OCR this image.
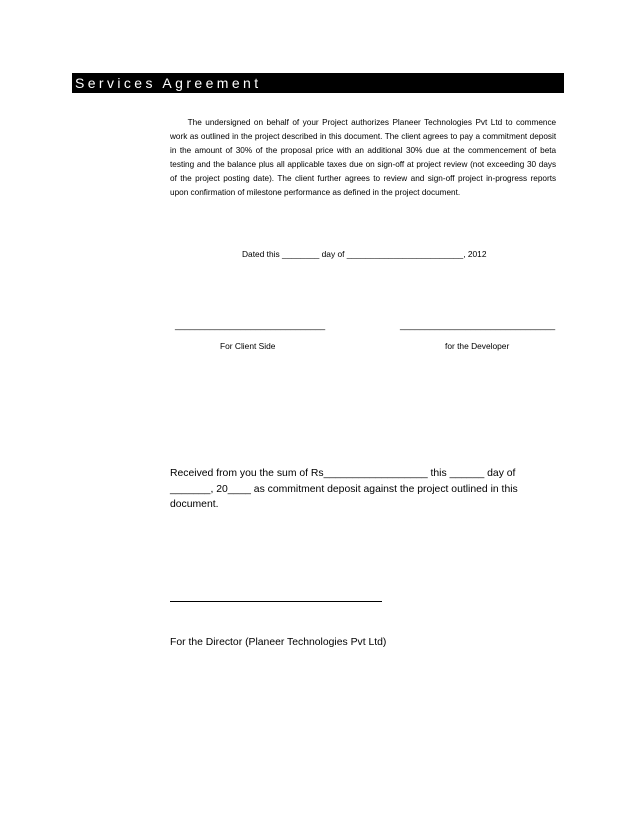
Services Agreement

The undersigned on behalf of your Project authorizes Planeer Technologies Pvt Ltd to commence work as outlined in the project described in this document. The client agrees to pay a commitment deposit in the amount of 30% of the proposal price with an additional 30% due at the commencement of beta testing and the balance plus all applicable taxes due on sign-off at project review (not exceeding 30 days of the project posting date). The client further agrees to review and sign-off project in-progress reports upon confirmation of milestone performance as defined in the project document.

Dated this ________ day of _________________________, 2012
______________________________	_______________________________
For Client Side	for the Developer

Received from you the sum of Rs__________________ this ______ day of _______, 20____ as commitment deposit against the project outlined in this document.

For the Director (Planeer Technologies Pvt Ltd)
